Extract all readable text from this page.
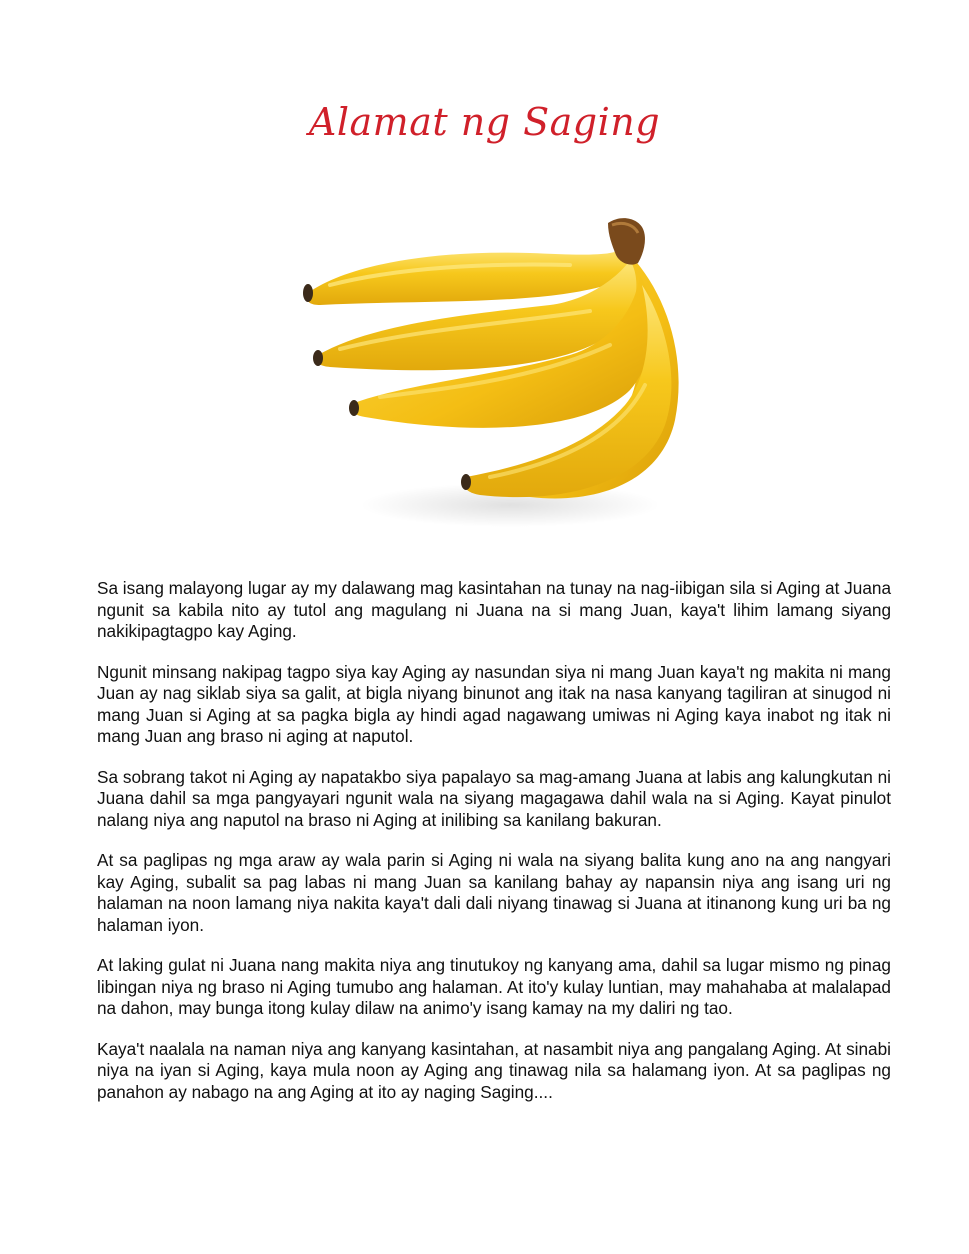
Alamat ng Saging

Sa isang malayong lugar ay my dalawang mag kasintahan na tunay na nag-iibigan sila si Aging at Juana ngunit sa kabila nito ay tutol ang magulang ni Juana na si mang Juan, kaya't lihim lamang siyang nakikipagtagpo kay Aging.

Ngunit minsang nakipag tagpo siya kay Aging ay nasundan siya ni mang Juan kaya't ng makita ni mang Juan ay nag siklab siya sa galit, at bigla niyang binunot ang itak na nasa kanyang tagiliran at sinugod ni mang Juan si Aging at sa pagka bigla ay hindi agad nagawang umiwas ni Aging kaya inabot ng itak ni mang Juan ang braso ni aging at naputol.

Sa sobrang takot ni Aging ay napatakbo siya papalayo sa mag-amang Juana at labis ang kalungkutan ni Juana dahil sa mga pangyayari ngunit wala na siyang magagawa dahil wala na si Aging. Kayat pinulot nalang niya ang naputol na braso ni Aging at inilibing sa kanilang bakuran.

At sa paglipas ng mga araw ay wala parin si Aging ni wala na siyang balita kung ano na ang nangyari kay Aging, subalit sa pag labas ni mang Juan sa kanilang bahay ay napansin niya ang isang uri ng halaman na noon lamang niya nakita kaya't dali dali niyang tinawag si Juana at itinanong kung uri ba ng halaman iyon.

At laking gulat ni Juana nang makita niya ang tinutukoy ng kanyang ama, dahil sa lugar mismo ng pinag libingan niya ng braso ni Aging tumubo ang halaman. At ito'y kulay luntian, may mahahaba at malalapad na dahon, may bunga itong kulay dilaw na animo'y isang kamay na my daliri ng tao.

Kaya't naalala na naman niya ang kanyang kasintahan, at nasambit niya ang pangalang Aging. At sinabi niya na iyan si Aging, kaya mula noon ay Aging ang tinawag nila sa halamang iyon. At sa paglipas ng panahon ay nabago na ang Aging at ito ay naging Saging....
